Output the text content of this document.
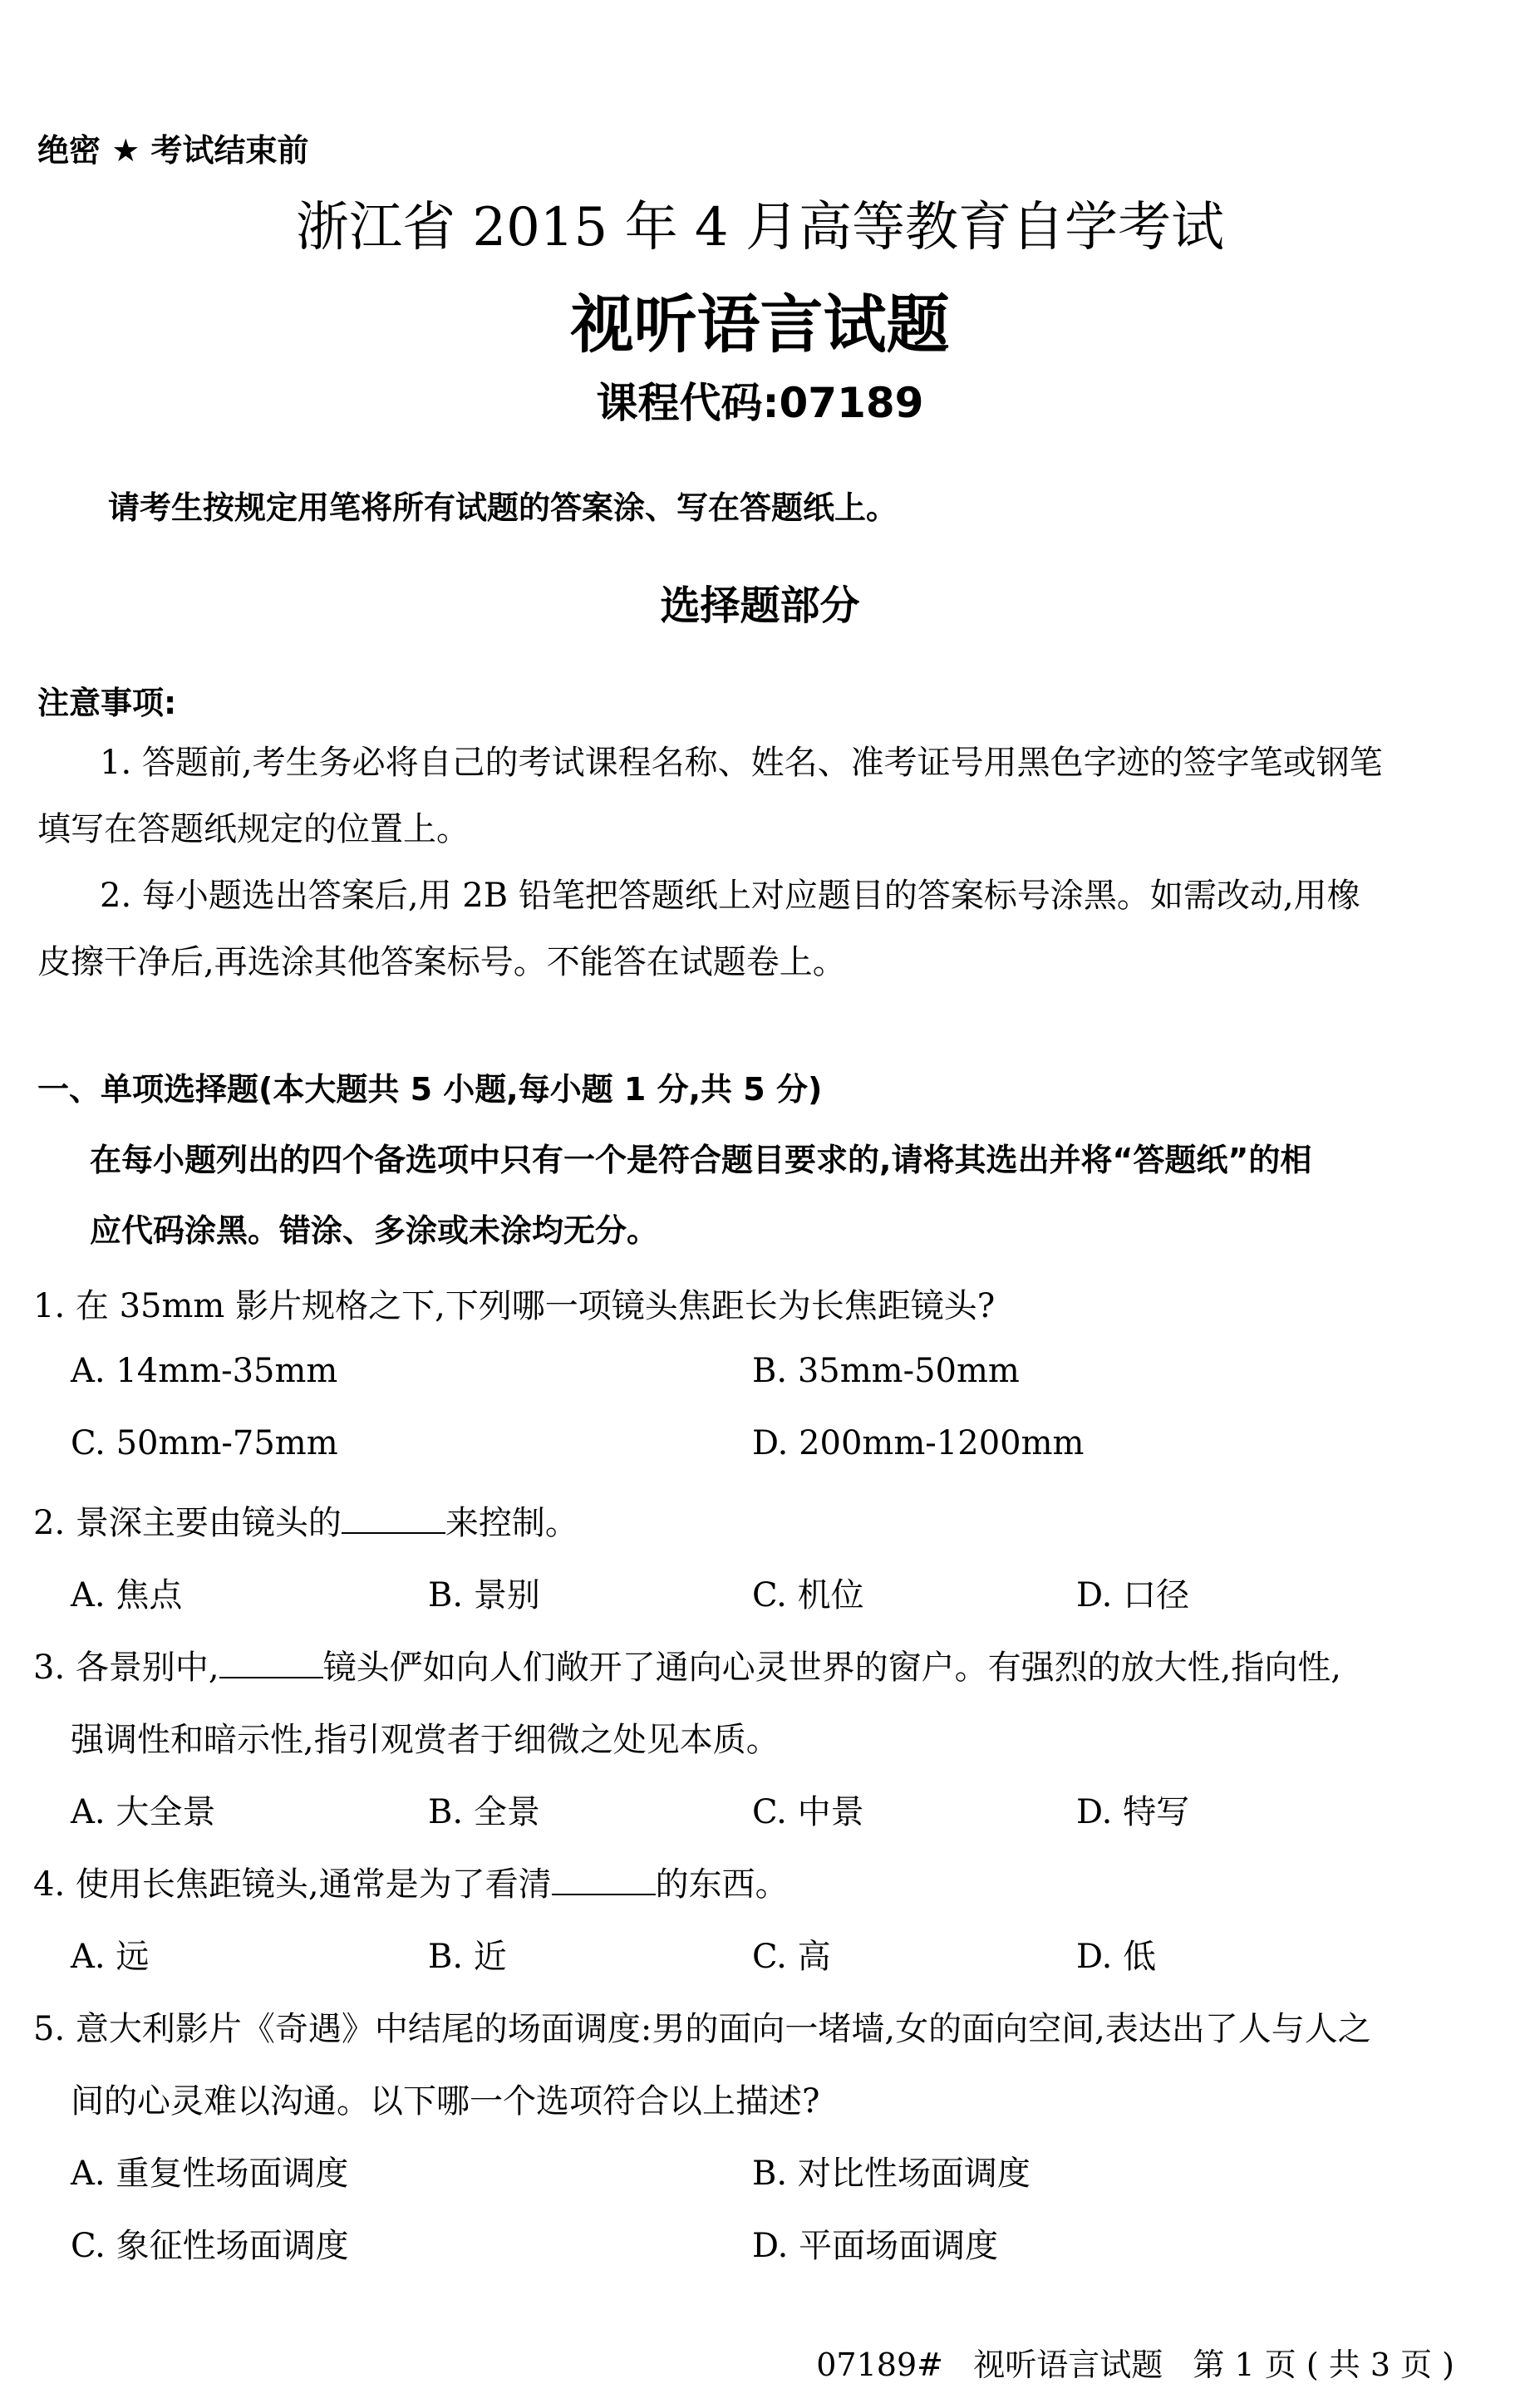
绝密 ★ 考试结束前
浙江省 2015 年 4 月高等教育自学考试
视听语言试题
课程代码:07189
请考生按规定用笔将所有试题的答案涂、写在答题纸上。
选择题部分
注意事项:
1. 答题前,考生务必将自己的考试课程名称、姓名、准考证号用黑色字迹的签字笔或钢笔
填写在答题纸规定的位置上。
2. 每小题选出答案后,用 2B 铅笔把答题纸上对应题目的答案标号涂黑。如需改动,用橡
皮擦干净后,再选涂其他答案标号。不能答在试题卷上。
一、单项选择题(本大题共 5 小题,每小题 1 分,共 5 分)
在每小题列出的四个备选项中只有一个是符合题目要求的,请将其选出并将“答题纸”的相
应代码涂黑。错涂、多涂或未涂均无分。
1. 在 35mm 影片规格之下,下列哪一项镜头焦距长为长焦距镜头?
A. 14mm-35mm	B. 35mm-50mm
C. 50mm-75mm	D. 200mm-1200mm
2. 景深主要由镜头的	来控制。
A. 焦点	B. 景别	C. 机位	D. 口径
3. 各景别中,	镜头俨如向人们敞开了通向心灵世界的窗户。有强烈的放大性,指向性,
强调性和暗示性,指引观赏者于细微之处见本质。
A. 大全景	B. 全景	C. 中景	D. 特写
4. 使用长焦距镜头,通常是为了看清	的东西。
A. 远	B. 近	C. 高	D. 低
5. 意大利影片《奇遇》中结尾的场面调度:男的面向一堵墙,女的面向空间,表达出了人与人之
间的心灵难以沟通。以下哪一个选项符合以上描述?
A. 重复性场面调度	B. 对比性场面调度
C. 象征性场面调度	D. 平面场面调度
07189#   视听语言试题   第 1 页 ( 共 3 页 )
